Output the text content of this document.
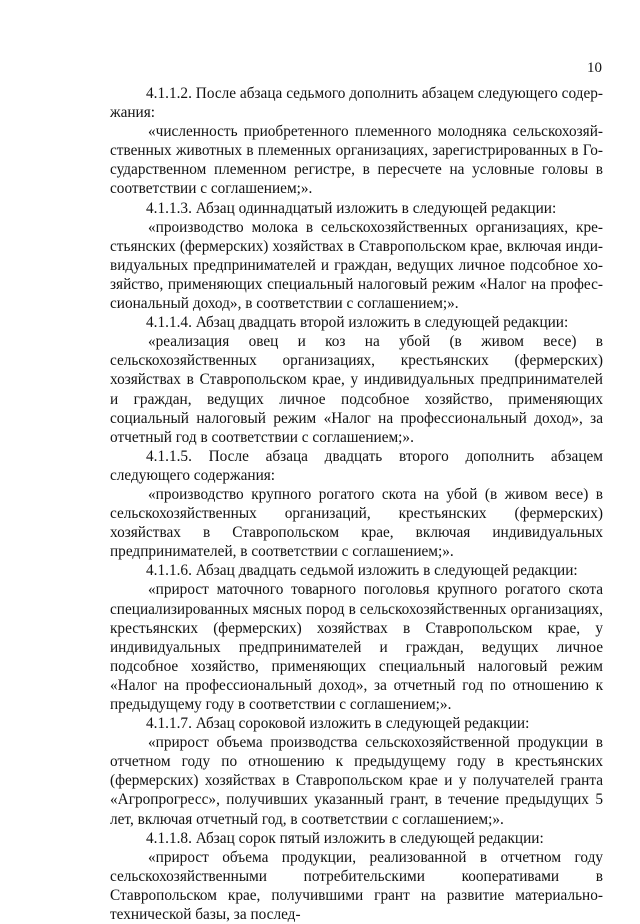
10

4.1.1.2. После абзаца седьмого дополнить абзацем следующего содержания:

«численность приобретенного племенного молодняка сельскохозяйственных животных в племенных организациях, зарегистрированных в Государственном племенном регистре, в пересчете на условные головы в соответствии с соглашением;».

4.1.1.3. Абзац одиннадцатый изложить в следующей редакции:

«производство молока в сельскохозяйственных организациях, крестьянских (фермерских) хозяйствах в Ставропольском крае, включая индивидуальных предпринимателей и граждан, ведущих личное подсобное хозяйство, применяющих специальный налоговый режим «Налог на профессиональный доход», в соответствии с соглашением;».

4.1.1.4. Абзац двадцать второй изложить в следующей редакции:

«реализация овец и коз на убой (в живом весе) в сельскохозяйственных организациях, крестьянских (фермерских) хозяйствах в Ставропольском крае, у индивидуальных предпринимателей и граждан, ведущих личное подсобное хозяйство, применяющих социальный налоговый режим «Налог на профессиональный доход», за отчетный год в соответствии с соглашением;».

4.1.1.5. После абзаца двадцать второго дополнить абзацем следующего содержания:

«производство крупного рогатого скота на убой (в живом весе) в сельскохозяйственных организаций, крестьянских (фермерских) хозяйствах в Ставропольском крае, включая индивидуальных предпринимателей, в соответствии с соглашением;».

4.1.1.6. Абзац двадцать седьмой изложить в следующей редакции:

«прирост маточного товарного поголовья крупного рогатого скота специализированных мясных пород в сельскохозяйственных организациях, крестьянских (фермерских) хозяйствах в Ставропольском крае, у индивидуальных предпринимателей и граждан, ведущих личное подсобное хозяйство, применяющих специальный налоговый режим «Налог на профессиональный доход», за отчетный год по отношению к предыдущему году в соответствии с соглашением;».

4.1.1.7. Абзац сороковой изложить в следующей редакции:

«прирост объема производства сельскохозяйственной продукции в отчетном году по отношению к предыдущему году в крестьянских (фермерских) хозяйствах в Ставропольском крае и у получателей гранта «Агропрогресс», получивших указанный грант, в течение предыдущих 5 лет, включая отчетный год, в соответствии с соглашением;».

4.1.1.8. Абзац сорок пятый изложить в следующей редакции:

«прирост объема продукции, реализованной в отчетном году сельскохозяйственными потребительскими кооперативами в Ставропольском крае, получившими грант на развитие материально-технической базы, за послед-
